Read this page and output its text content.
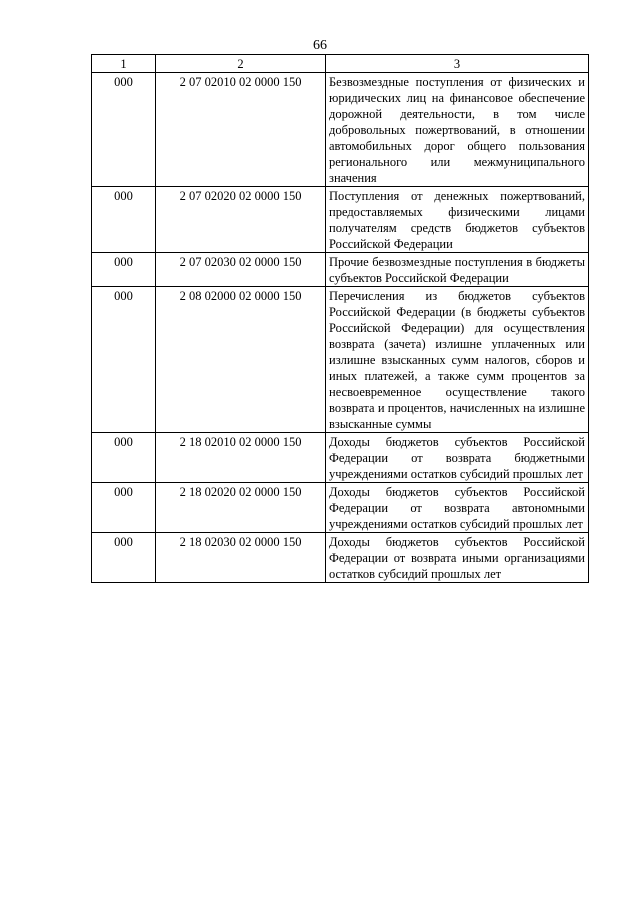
66
1	2	3
000	2 07 02010 02 0000 150	Безвозмездные поступления от физических и юридических лиц на финансовое обеспечение дорожной деятельности, в том числе добровольных пожертвований, в отношении автомобильных дорог общего пользования регионального или межмуниципального значения
000	2 07 02020 02 0000 150	Поступления от денежных пожертвований, предоставляемых физическими лицами получателям средств бюджетов субъектов Российской Федерации
000	2 07 02030 02 0000 150	Прочие безвозмездные поступления в бюджеты субъектов Российской Федерации
000	2 08 02000 02 0000 150	Перечисления из бюджетов субъектов Российской Федерации (в бюджеты субъектов Российской Федерации) для осуществления возврата (зачета) излишне уплаченных или излишне взысканных сумм налогов, сборов и иных платежей, а также сумм процентов за несвоевременное осуществление такого возврата и процентов, начисленных на излишне взысканные суммы
000	2 18 02010 02 0000 150	Доходы бюджетов субъектов Российской Федерации от возврата бюджетными учреждениями остатков субсидий прошлых лет
000	2 18 02020 02 0000 150	Доходы бюджетов субъектов Российской Федерации от возврата автономными учреждениями остатков субсидий прошлых лет
000	2 18 02030 02 0000 150	Доходы бюджетов субъектов Российской Федерации от возврата иными организациями остатков субсидий прошлых лет
